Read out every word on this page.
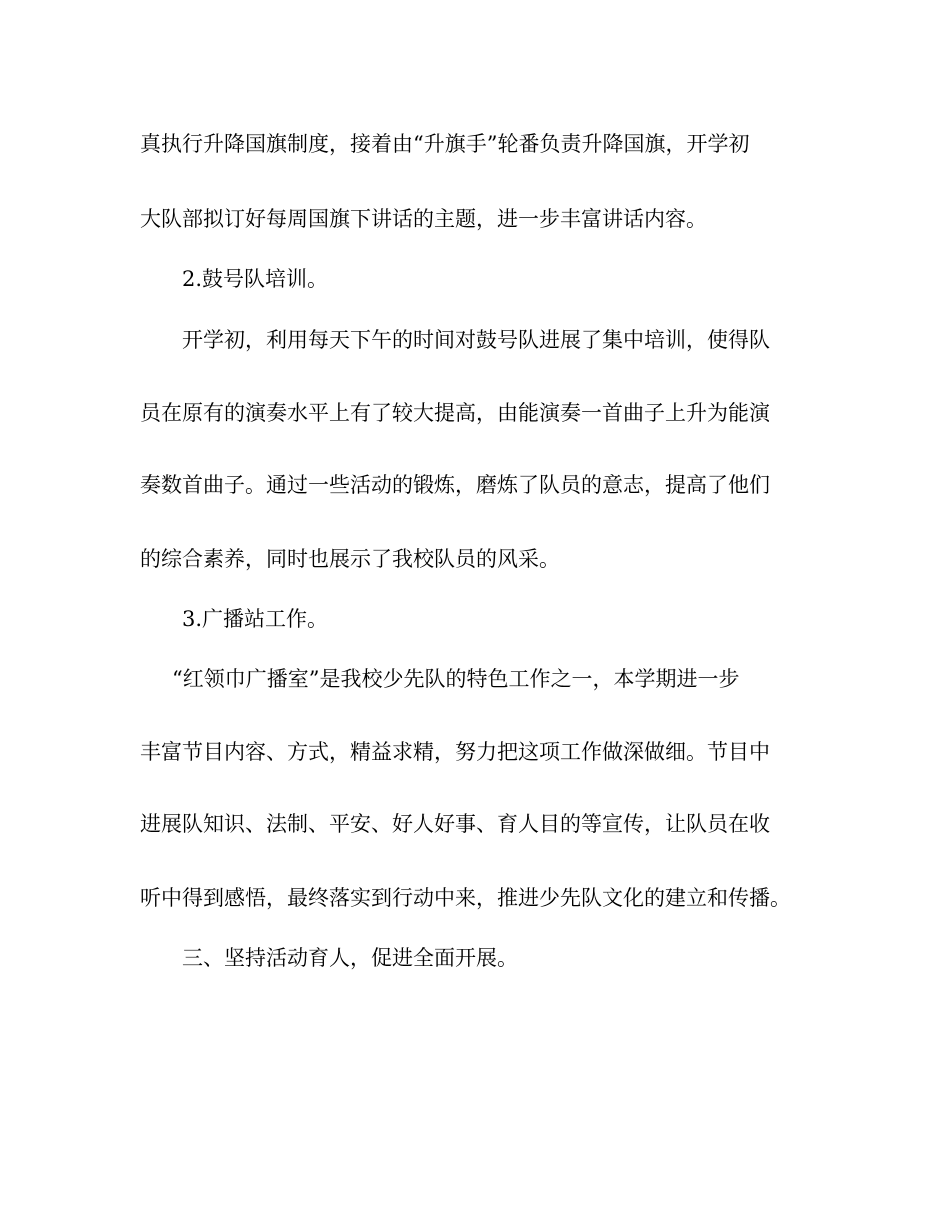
真执行升降国旗制度，接着由“升旗手”轮番负责升降国旗，开学初
大队部拟订好每周国旗下讲话的主题，进一步丰富讲话内容。
2.鼓号队培训。
开学初，利用每天下午的时间对鼓号队进展了集中培训，使得队
员在原有的演奏水平上有了较大提高，由能演奏一首曲子上升为能演
奏数首曲子。通过一些活动的锻炼，磨炼了队员的意志，提高了他们
的综合素养，同时也展示了我校队员的风采。
3.广播站工作。
“红领巾广播室”是我校少先队的特色工作之一，本学期进一步
丰富节目内容、方式，精益求精，努力把这项工作做深做细。节目中
进展队知识、法制、平安、好人好事、育人目的等宣传，让队员在收
听中得到感悟，最终落实到行动中来，推进少先队文化的建立和传播。
三、坚持活动育人，促进全面开展。
